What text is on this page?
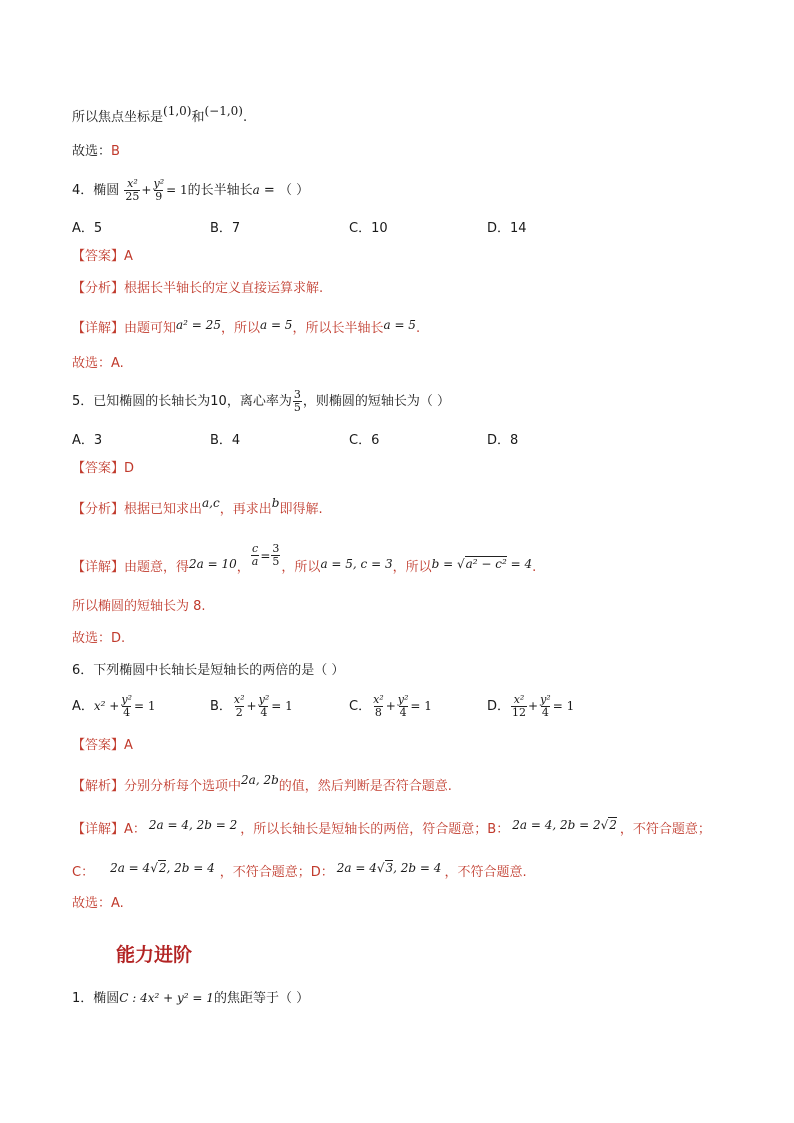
所以焦点坐标是(1,0)和(−1,0).
故选：B
4．椭圆 $\frac{\text{x²}}{25} + \frac{\text{y²}}{9} = 1$的长半轴长a = （ ）
A．5	B．7	C．10	D．14
【答案】A
【分析】根据长半轴长的定义直接运算求解.
【详解】由题可知a² = 25，所以a = 5，所以长半轴长a = 5.
故选：A.
5．已知椭圆的长轴长为10，离心率为 $\frac{3}{5}$ ，则椭圆的短轴长为（ ）
A．3	B．4	C．6	D．8
【答案】D
【分析】根据已知求出a,c，再求出b即得解.
【详解】由题意，得2a = 10， $\frac{c}{a} = \frac{3}{5}$ ，所以a = 5, c = 3，所以b = √a² − c² = 4.
所以椭圆的短轴长为 8.
故选：D.
6．下列椭圆中长轴长是短轴长的两倍的是（ ）
A．$x^2 + \frac{\text{y²}}{4} = 1$	B． $\frac{\text{x²}}{2} + \frac{\text{y²}}{4} = 1$	C． $\frac{\text{x²}}{8} + \frac{\text{y²}}{4} = 1$	D． $\frac{\text{x²}}{12} + \frac{\text{y²}}{4} = 1$
【答案】A
【解析】分别分析每个选项中2a, 2b的值，然后判断是否符合题意.
【详解】A： 2a = 4, 2b = 2 ，所以长轴长是短轴长的两倍，符合题意；B： 2a = 4, 2b = 2√2 ，不符合题意；
C： 2a = 4√2, 2b = 4 ，不符合题意；D： 2a = 4√3, 2b = 4 ，不符合题意.
故选：A.
能力进阶
1．椭圆C : 4x² + y² = 1的焦距等于（ ）
